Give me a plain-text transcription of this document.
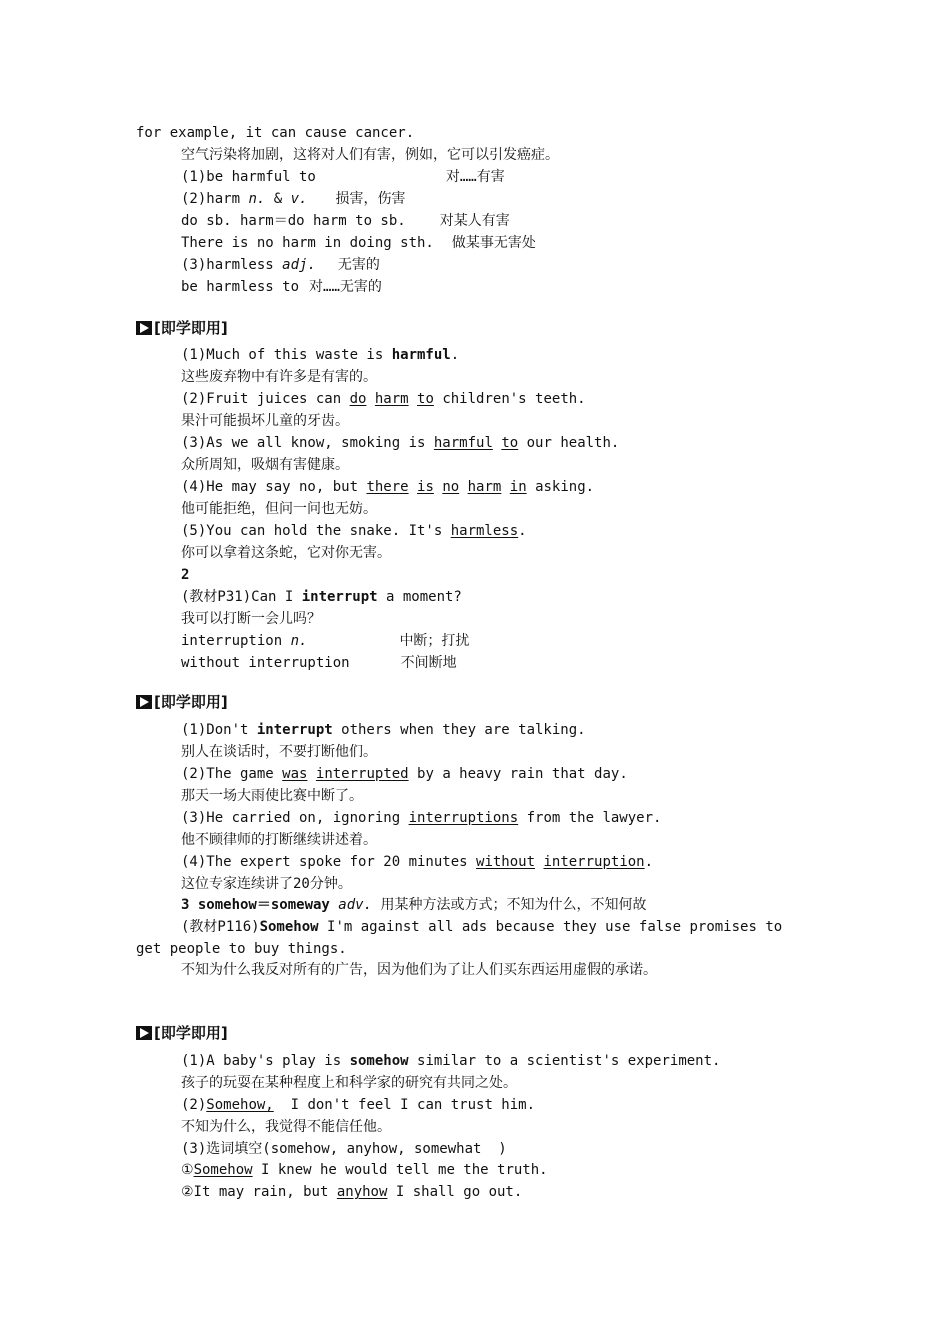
for example, it can cause cancer.
空气污染将加剧，这将对人们有害，例如，它可以引发癌症。
(1)be harmful to	对……有害
(2)harm n. & v. 损害，伤害
do sb. harm＝do harm to sb. 对某人有害
There is no harm in doing sth. 做某事无害处
(3)harmless adj. 无害的
be harmless to 对……无害的
[即学即用]
(1)Much of this waste is harmful.
这些废弃物中有许多是有害的。
(2)Fruit juices can do harm to children's teeth.
果汁可能损坏儿童的牙齿。
(3)As we all know, smoking is harmful to our health.
众所周知，吸烟有害健康。
(4)He may say no, but there is no harm in asking.
他可能拒绝，但问一问也无妨。
(5)You can hold the snake. It's harmless.
你可以拿着这条蛇，它对你无害。
2
(教材P31)Can I interrupt a moment?
我可以打断一会儿吗？
interruption n.	中断；打扰
without interruption	不间断地
[即学即用]
(1)Don't interrupt others when they are talking.
别人在谈话时，不要打断他们。
(2)The game was interrupted by a heavy rain that day.
那天一场大雨使比赛中断了。
(3)He carried on, ignoring interruptions from the lawyer.
他不顾律师的打断继续讲述着。
(4)The expert spoke for 20 minutes without interruption.
这位专家连续讲了20分钟。
3 somehow＝someway adv. 用某种方法或方式；不知为什么，不知何故
(教材P116)Somehow I'm against all ads because they use false promises to
get people to buy things.
不知为什么我反对所有的广告，因为他们为了让人们买东西运用虚假的承诺。
[即学即用]
(1)A baby's play is somehow similar to a scientist's experiment.
孩子的玩耍在某种程度上和科学家的研究有共同之处。
(2)Somehow,  I don't feel I can trust him.
不知为什么，我觉得不能信任他。
(3)选词填空(somehow, anyhow, somewhat  )
①Somehow I knew he would tell me the truth.
②It may rain, but anyhow I shall go out.
